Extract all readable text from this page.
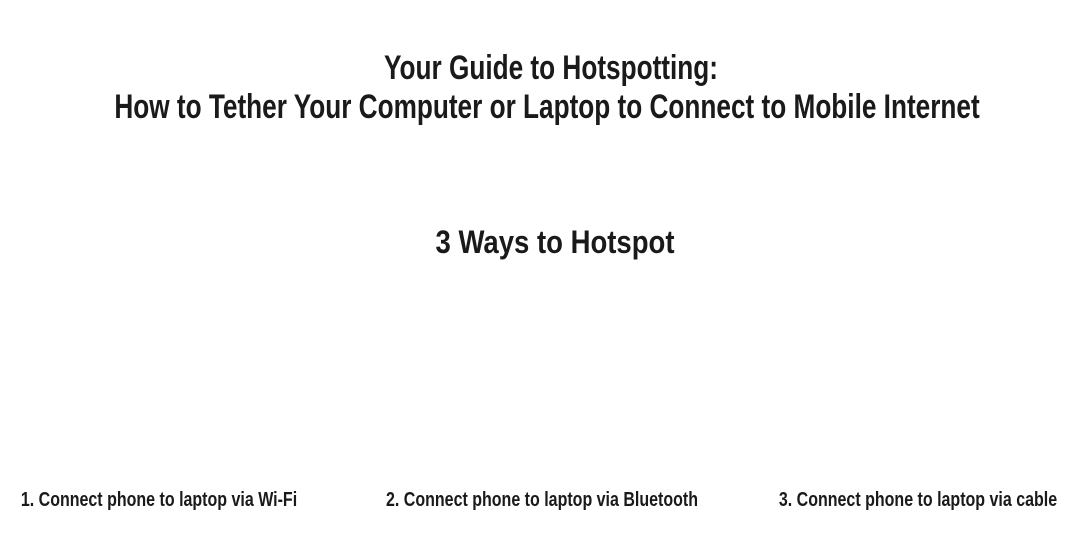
Your Guide to Hotspotting:
How to Tether Your Computer or Laptop to Connect to Mobile Internet
3 Ways to Hotspot
1. Connect phone to laptop via Wi-Fi	2. Connect phone to laptop via Bluetooth	3. Connect phone to laptop via cable
